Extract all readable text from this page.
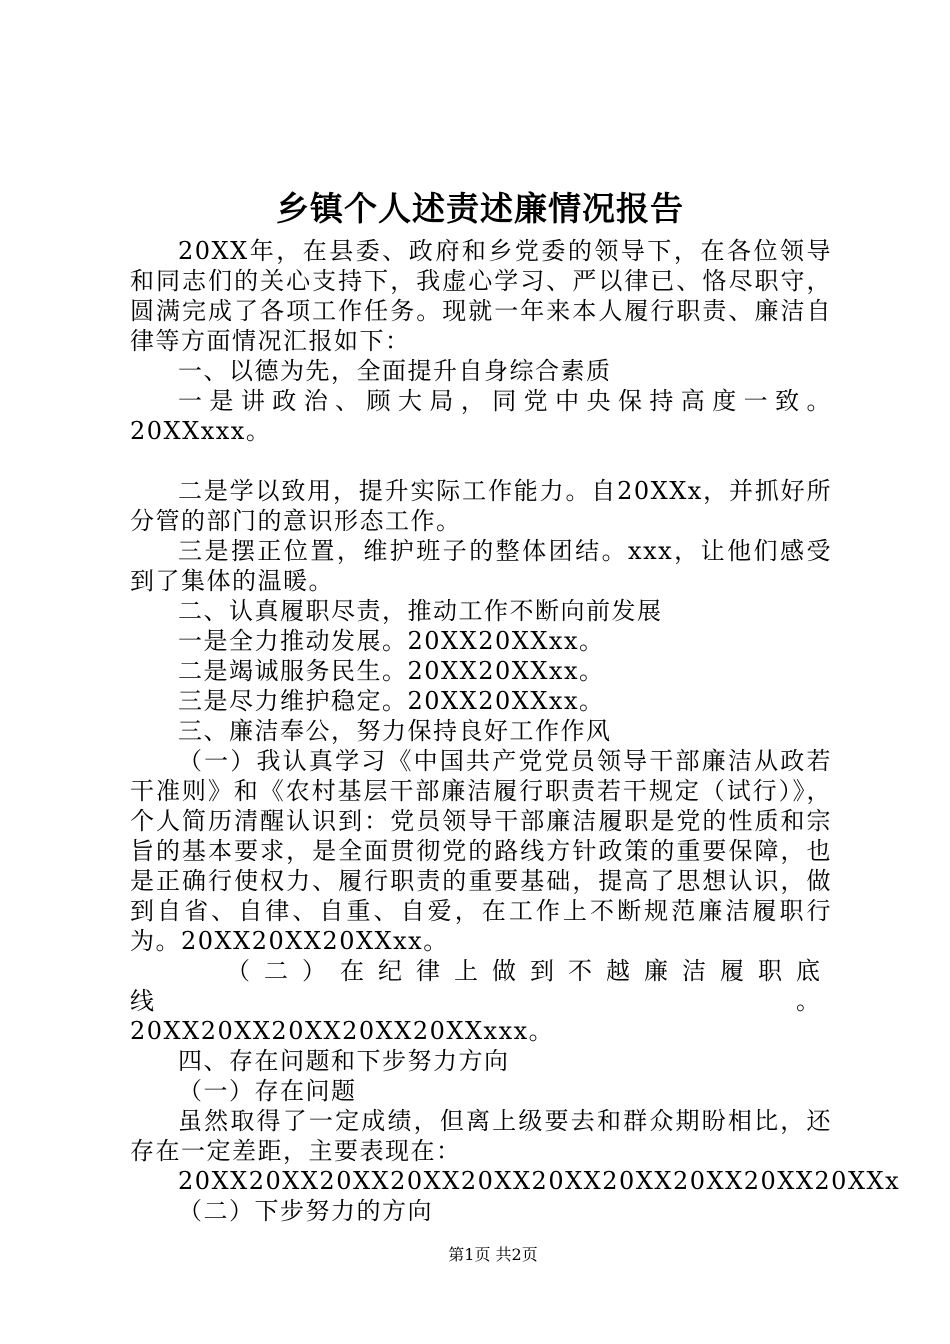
乡镇个人述责述廉情况报告

20XX年，在县委、政府和乡党委的领导下，在各位领导和同志们的关心支持下，我虚心学习、严以律已、恪尽职守，圆满完成了各项工作任务。现就一年来本人履行职责、廉洁自律等方面情况汇报如下：

一、以德为先，全面提升自身综合素质

一是讲政治、顾大局，同党中央保持高度一致。20XXxxx。

二是学以致用，提升实际工作能力。自20XXx，并抓好所分管的部门的意识形态工作。

三是摆正位置，维护班子的整体团结。xxx，让他们感受到了集体的温暖。

二、认真履职尽责，推动工作不断向前发展

一是全力推动发展。20XX20XXxx。

二是竭诚服务民生。20XX20XXxx。

三是尽力维护稳定。20XX20XXxx。

三、廉洁奉公，努力保持良好工作作风

（一）我认真学习《中国共产党党员领导干部廉洁从政若干准则》和《农村基层干部廉洁履行职责若干规定（试行）》，个人简历清醒认识到：党员领导干部廉洁履职是党的性质和宗旨的基本要求，是全面贯彻党的路线方针政策的重要保障，也是正确行使权力、履行职责的重要基础，提高了思想认识，做到自省、自律、自重、自爱，在工作上不断规范廉洁履职行为。20XX20XX20XXxx。

（二）在纪律上做到不越廉洁履职底线。

20XX20XX20XX20XX20XXxxx。

四、存在问题和下步努力方向

（一）存在问题

虽然取得了一定成绩，但离上级要去和群众期盼相比，还存在一定差距，主要表现在：

20XX20XX20XX20XX20XX20XX20XX20XX20XX20XXx

（二）下步努力的方向

第1页 共2页
